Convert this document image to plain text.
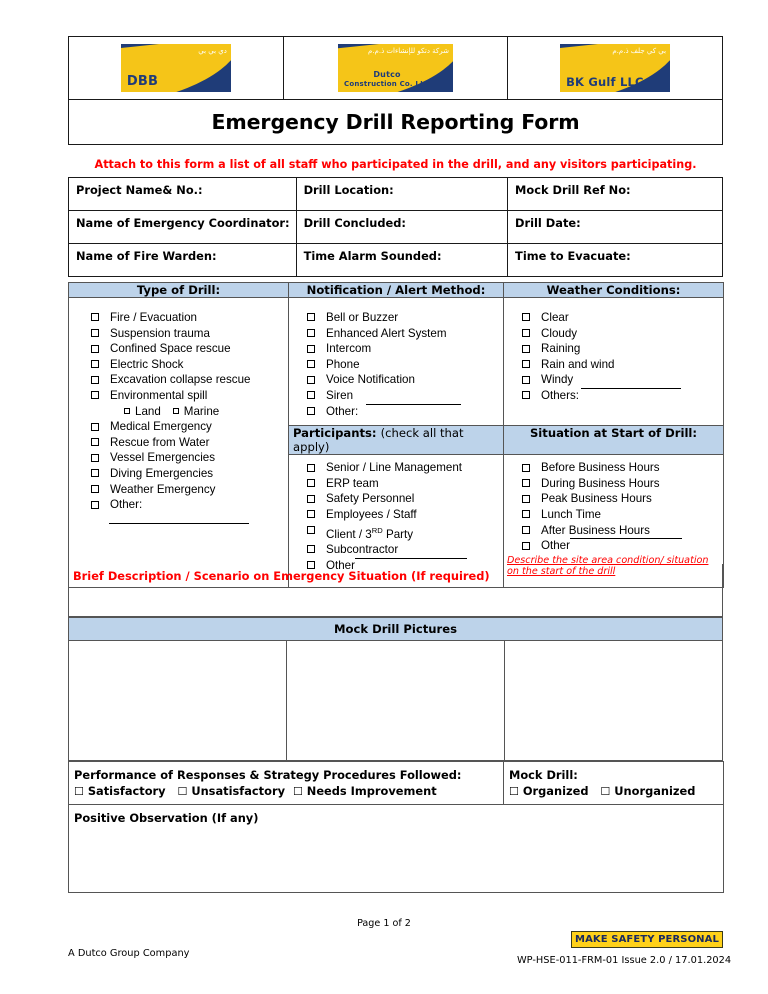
دي بي بي
DBB

شركة دتكو للإنشاءات ذ.م.م
Dutco
Construction Co. LLC

بي كي جلف ذ.م.م
BK Gulf LLC
Emergency Drill Reporting Form
Attach to this form a list of all staff who participated in the drill, and any visitors participating.
Project Name& No.:	Drill Location:	Mock Drill Ref No:
Name of Emergency Coordinator:	Drill Concluded:	Drill Date:
Name of Fire Warden:	Time Alarm Sounded:	Time to Evacuate:
Type of Drill:	Notification / Alert Method:	Weather Conditions:

Fire / Evacuation
Suspension trauma
Confined Space rescue
Electric Shock
Excavation collapse rescue
Environmental spill
Land Marine
Medical Emergency
Rescue from Water
Vessel Emergencies
Diving Emergencies
Weather Emergency
Other:

Bell or Buzzer
Enhanced Alert System
Intercom
Phone
Voice Notification
Siren
Other:

Clear
Cloudy
Raining
Rain and wind
Windy
Others:

	Participants: (check all that apply)	Situation at Start of Drill:

Senior / Line Management
ERP team
Safety Personnel
Employees / Staff
Client / 3RD Party
Subcontractor
Other

Before Business Hours
During Business Hours
Peak Business Hours
Lunch Time
After Business Hours
Other
Describe the site area condition/ situation on the start of the drill
Brief Description / Scenario on Emergency Situation (If required)
Mock Drill Pictures

Performance of Responses & Strategy Procedures Followed:
☐ Satisfactory ☐ Unsatisfactory ☐ Needs Improvement

Mock Drill:
☐ Organized ☐ Unorganized

Positive Observation (If any)
Page 1 of 2
A Dutco Group Company
MAKE SAFETY PERSONAL
WP-HSE-011-FRM-01 Issue 2.0 / 17.01.2024
